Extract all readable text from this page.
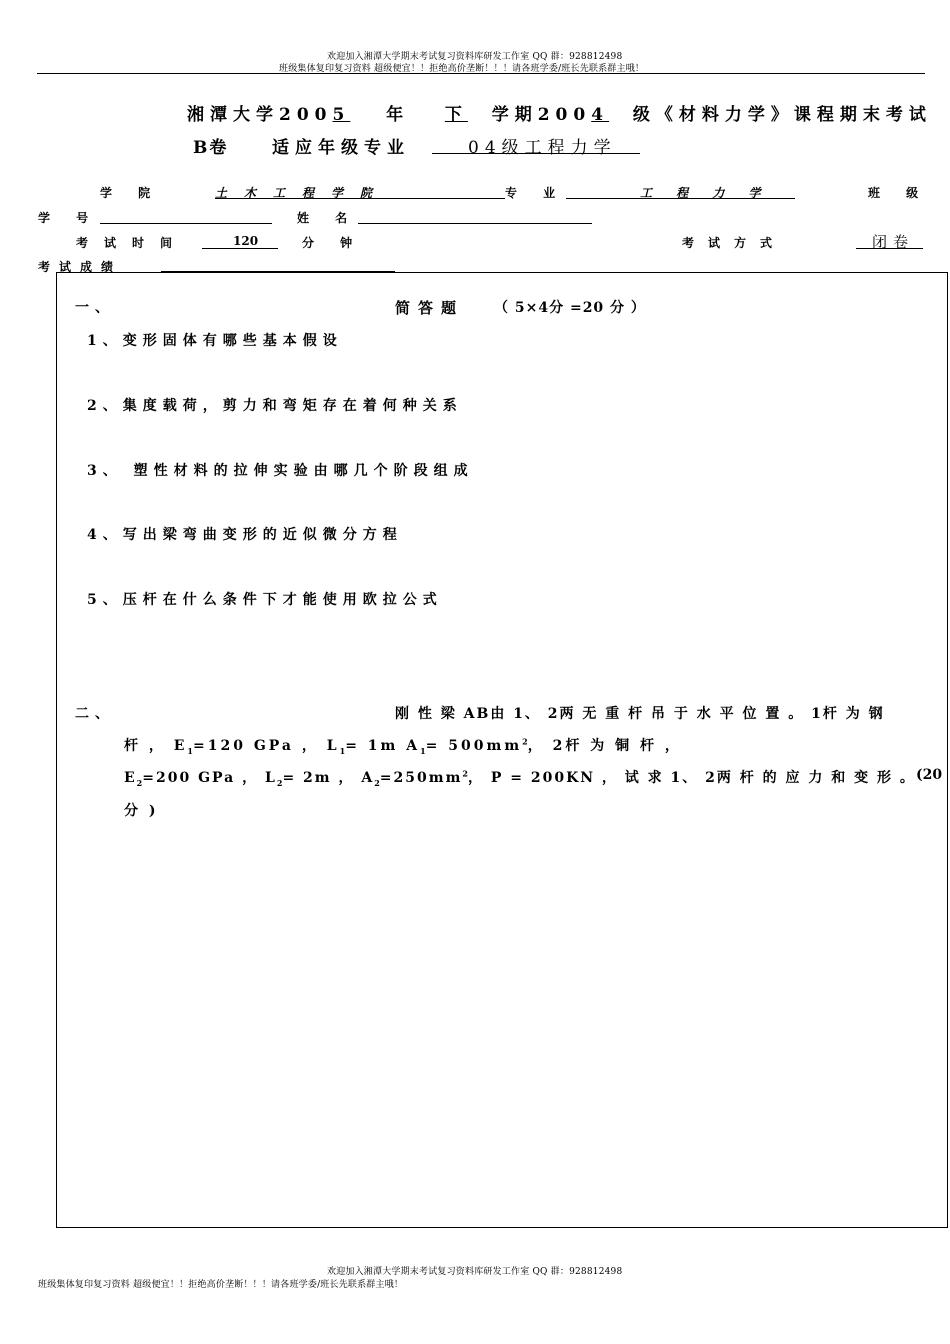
欢迎加入湘潭大学期末考试复习资料库研发工作室 QQ 群：928812498
班级集体复印复习资料 超级便宜！！拒绝高价垄断！！！请各班学委/班长先联系群主哦！
湘潭大学2005 年 下 学期2004 级《材料力学》课程期末考试
B卷	适应年级专业	04级工程力学
学 院	土木工程学院	专 业	工 程 力 学	班 级
学 号	姓 名
考试时间	120	分 钟	考试方式	闭卷
考试成绩
一、	简答题 （ 5×4分 =20 分 ）
1、变形固体有哪些基本假设
2、集度载荷，剪力和弯矩存在着何种关系
3、 塑性材料的拉伸实验由哪几个阶段组成
4、写出梁弯曲变形的近似微分方程
5、压杆在什么条件下才能使用欧拉公式
二、	刚 性 梁 AB由 1、 2两 无 重 杆 吊 于 水 平 位 置 。 1杆 为 钢
杆 ， $E_1=120$ GPa ， $L_1= 1m$ $A_1= 500mm^2$， 2杆 为 铜 杆 ，
$E_2=200$ GPa ， $L_2= 2m$ ， $A_2=250mm^2$， P = 200KN ， 试 求 1、 2两 杆 的 应 力 和 变 形 。 (20
分 )
欢迎加入湘潭大学期末考试复习资料库研发工作室 QQ 群：928812498
班级集体复印复习资料 超级便宜！！拒绝高价垄断！！！请各班学委/班长先联系群主哦！
